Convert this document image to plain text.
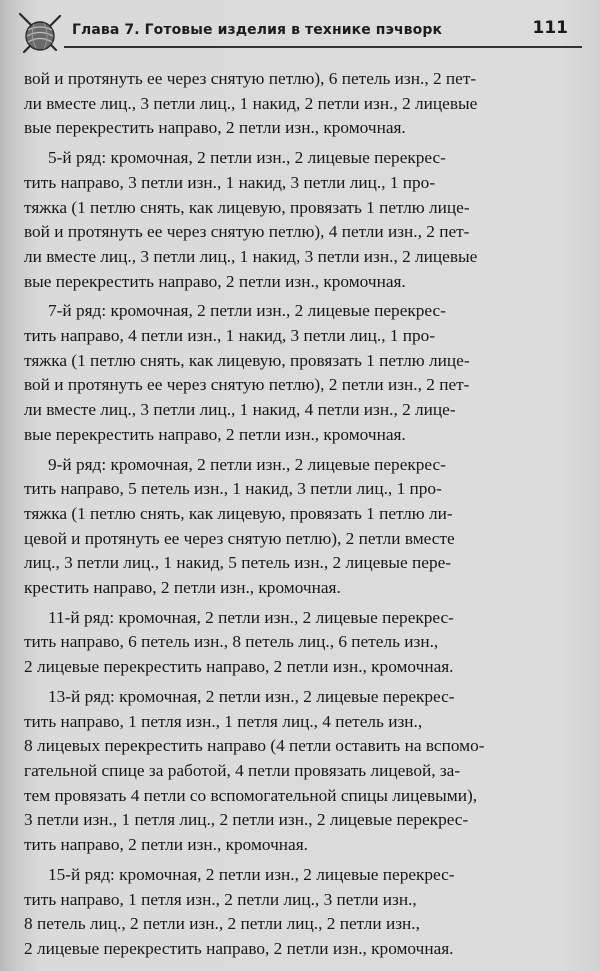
Глава 7. Готовые изделия в технике пэчворк	111

вой и протянуть ее через снятую петлю), 6 петель изн., 2 пет-
ли вместе лиц., 3 петли лиц., 1 накид, 2 петли изн., 2 лицевые
вые перекрестить направо, 2 петли изн., кромочная.

5-й ряд: кромочная, 2 петли изн., 2 лицевые перекрес-
тить направо, 3 петли изн., 1 накид, 3 петли лиц., 1 про-
тяжка (1 петлю снять, как лицевую, провязать 1 петлю лице-
вой и протянуть ее через снятую петлю), 4 петли изн., 2 пет-
ли вместе лиц., 3 петли лиц., 1 накид, 3 петли изн., 2 лицевые
вые перекрестить направо, 2 петли изн., кромочная.

7-й ряд: кромочная, 2 петли изн., 2 лицевые перекрес-
тить направо, 4 петли изн., 1 накид, 3 петли лиц., 1 про-
тяжка (1 петлю снять, как лицевую, провязать 1 петлю лице-
вой и протянуть ее через снятую петлю), 2 петли изн., 2 пет-
ли вместе лиц., 3 петли лиц., 1 накид, 4 петли изн., 2 лице-
вые перекрестить направо, 2 петли изн., кромочная.

9-й ряд: кромочная, 2 петли изн., 2 лицевые перекрес-
тить направо, 5 петель изн., 1 накид, 3 петли лиц., 1 про-
тяжка (1 петлю снять, как лицевую, провязать 1 петлю ли-
цевой и протянуть ее через снятую петлю), 2 петли вместе
лиц., 3 петли лиц., 1 накид, 5 петель изн., 2 лицевые пере-
крестить направо, 2 петли изн., кромочная.

11-й ряд: кромочная, 2 петли изн., 2 лицевые перекрес-
тить направо, 6 петель изн., 8 петель лиц., 6 петель изн.,
2 лицевые перекрестить направо, 2 петли изн., кромочная.

13-й ряд: кромочная, 2 петли изн., 2 лицевые перекрес-
тить направо, 1 петля изн., 1 петля лиц., 4 петель изн.,
8 лицевых перекрестить направо (4 петли оставить на вспомо-
гательной спице за работой, 4 петли провязать лицевой, за-
тем провязать 4 петли со вспомогательной спицы лицевыми),
3 петли изн., 1 петля лиц., 2 петли изн., 2 лицевые перекрес-
тить направо, 2 петли изн., кромочная.

15-й ряд: кромочная, 2 петли изн., 2 лицевые перекрес-
тить направо, 1 петля изн., 2 петли лиц., 3 петли изн.,
8 петель лиц., 2 петли изн., 2 петли лиц., 2 петли изн.,
2 лицевые перекрестить направо, 2 петли изн., кромочная.
